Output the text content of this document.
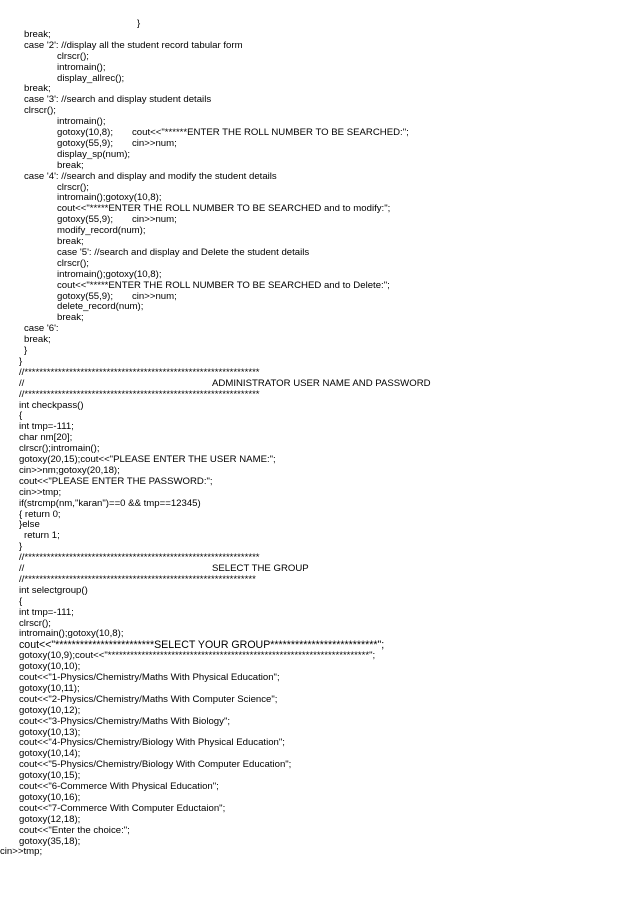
}
break;
case '2': //display all the student record tabular form
clrscr();
intromain();
display_allrec();
break;
case '3': //search and display student details
clrscr();
intromain();
gotoxy(10,8); cout<<"******ENTER THE ROLL NUMBER TO BE SEARCHED:";
gotoxy(55,9); cin>>num;
display_sp(num);
break;
case '4': //search and display and modify the student details
clrscr();
intromain();gotoxy(10,8);
cout<<"*****ENTER THE ROLL NUMBER TO BE SEARCHED and to modify:";
gotoxy(55,9); cin>>num;
modify_record(num);
break;
case '5': //search and display and Delete the student details
clrscr();
intromain();gotoxy(10,8);
cout<<"*****ENTER THE ROLL NUMBER TO BE SEARCHED and to Delete:";
gotoxy(55,9); cin>>num;
delete_record(num);
break;
case '6':
break;
}
}
//***************************************************************
//	ADMINISTRATOR USER NAME AND PASSWORD
//***************************************************************
int checkpass()
{
int tmp=-111;
char nm[20];
clrscr();intromain();
gotoxy(20,15);cout<<"PLEASE ENTER THE USER NAME:";
cin>>nm;gotoxy(20,18);
cout<<"PLEASE ENTER THE PASSWORD:";
cin>>tmp;
if(strcmp(nm,"karan")==0 && tmp==12345)
{ return 0;
}else
return 1;
}
//***************************************************************
//	SELECT THE GROUP
//**************************************************************
int selectgroup()
{
int tmp=-111;
clrscr();
intromain();gotoxy(10,8);
cout<<"************************SELECT YOUR GROUP**************************";
gotoxy(10,9);cout<<"**********************************************************************";
gotoxy(10,10);
cout<<"1-Physics/Chemistry/Maths With Physical Education";
gotoxy(10,11);
cout<<"2-Physics/Chemistry/Maths With Computer Science";
gotoxy(10,12);
cout<<"3-Physics/Chemistry/Maths With Biology";
gotoxy(10,13);
cout<<"4-Physics/Chemistry/Biology With Physical Education";
gotoxy(10,14);
cout<<"5-Physics/Chemistry/Biology With Computer Education";
gotoxy(10,15);
cout<<"6-Commerce With Physical Education";
gotoxy(10,16);
cout<<"7-Commerce With Computer Eductaion";
gotoxy(12,18);
cout<<"Enter the choice:";
gotoxy(35,18);
cin>>tmp;
